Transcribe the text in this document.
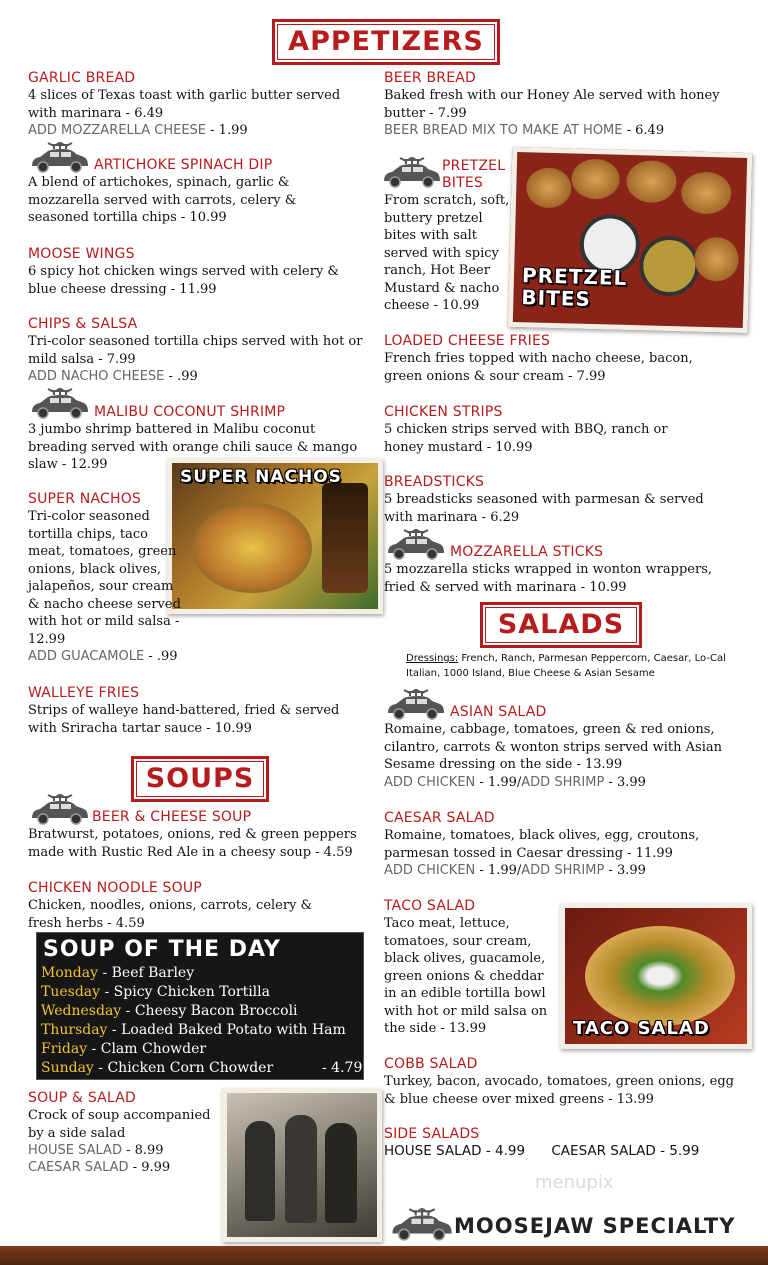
APPETIZERS
GARLIC BREAD
4 slices of Texas toast with garlic butter served with marinara - 6.49
ADD MOZZARELLA CHEESE - 1.99
ARTICHOKE SPINACH DIP
A blend of artichokes, spinach, garlic & mozzarella served with carrots, celery & seasoned tortilla chips - 10.99
MOOSE WINGS
6 spicy hot chicken wings served with celery & blue cheese dressing - 11.99
CHIPS & SALSA
Tri-color seasoned tortilla chips served with hot or mild salsa - 7.99
ADD NACHO CHEESE - .99
MALIBU COCONUT SHRIMP
3 jumbo shrimp battered in Malibu coconut breading served with orange chili sauce & mango slaw - 12.99
SUPER NACHOS
SUPER NACHOS
Tri-color seasoned tortilla chips, taco meat, tomatoes, green onions, black olives, jalapeños, sour cream & nacho cheese served with hot or mild salsa - 12.99
ADD GUACAMOLE - .99
WALLEYE FRIES
Strips of walleye hand-battered, fried & served with Sriracha tartar sauce - 10.99
SOUPS
BEER & CHEESE SOUP
Bratwurst, potatoes, onions, red & green peppers made with Rustic Red Ale in a cheesy soup - 4.59
CHICKEN NOODLE SOUP
Chicken, noodles, onions, carrots, celery & fresh herbs - 4.59
SOUP OF THE DAY
Monday - Beef Barley
Tuesday - Spicy Chicken Tortilla
Wednesday - Cheesy Bacon Broccoli
Thursday - Loaded Baked Potato with Ham
Friday - Clam Chowder
Sunday - Chicken Corn Chowder	- 4.79
SOUP & SALAD
Crock of soup accompanied by a side salad
HOUSE SALAD - 8.99
CAESAR SALAD - 9.99
BEER BREAD
Baked fresh with our Honey Ale served with honey butter - 7.99
BEER BREAD MIX TO MAKE AT HOME - 6.49
PRETZEL
BITES
From scratch, soft, buttery pretzel bites with salt served with spicy ranch, Hot Beer Mustard & nacho cheese - 10.99
PRETZEL
BITES
LOADED CHEESE FRIES
French fries topped with nacho cheese, bacon, green onions & sour cream - 7.99
CHICKEN STRIPS
5 chicken strips served with BBQ, ranch or honey mustard - 10.99
BREADSTICKS
5 breadsticks seasoned with parmesan & served with marinara - 6.29
MOZZARELLA STICKS
5 mozzarella sticks wrapped in wonton wrappers, fried & served with marinara - 10.99
SALADS
Dressings: French, Ranch, Parmesan Peppercorn, Caesar, Lo-Cal Italian, 1000 Island, Blue Cheese & Asian Sesame
ASIAN SALAD
Romaine, cabbage, tomatoes, green & red onions, cilantro, carrots & wonton strips served with Asian Sesame dressing on the side - 13.99
ADD CHICKEN - 1.99/ADD SHRIMP - 3.99
CAESAR SALAD
Romaine, tomatoes, black olives, egg, croutons, parmesan tossed in Caesar dressing - 11.99
ADD CHICKEN - 1.99/ADD SHRIMP - 3.99
TACO SALAD
Taco meat, lettuce, tomatoes, sour cream, black olives, guacamole, green onions & cheddar in an edible tortilla bowl with hot or mild salsa on the side - 13.99	TACO SALAD
COBB SALAD
Turkey, bacon, avocado, tomatoes, green onions, egg & blue cheese over mixed greens - 13.99
SIDE SALADS
HOUSE SALAD - 4.99 CAESAR SALAD - 5.99
menupix
MOOSEJAW SPECIALTY
